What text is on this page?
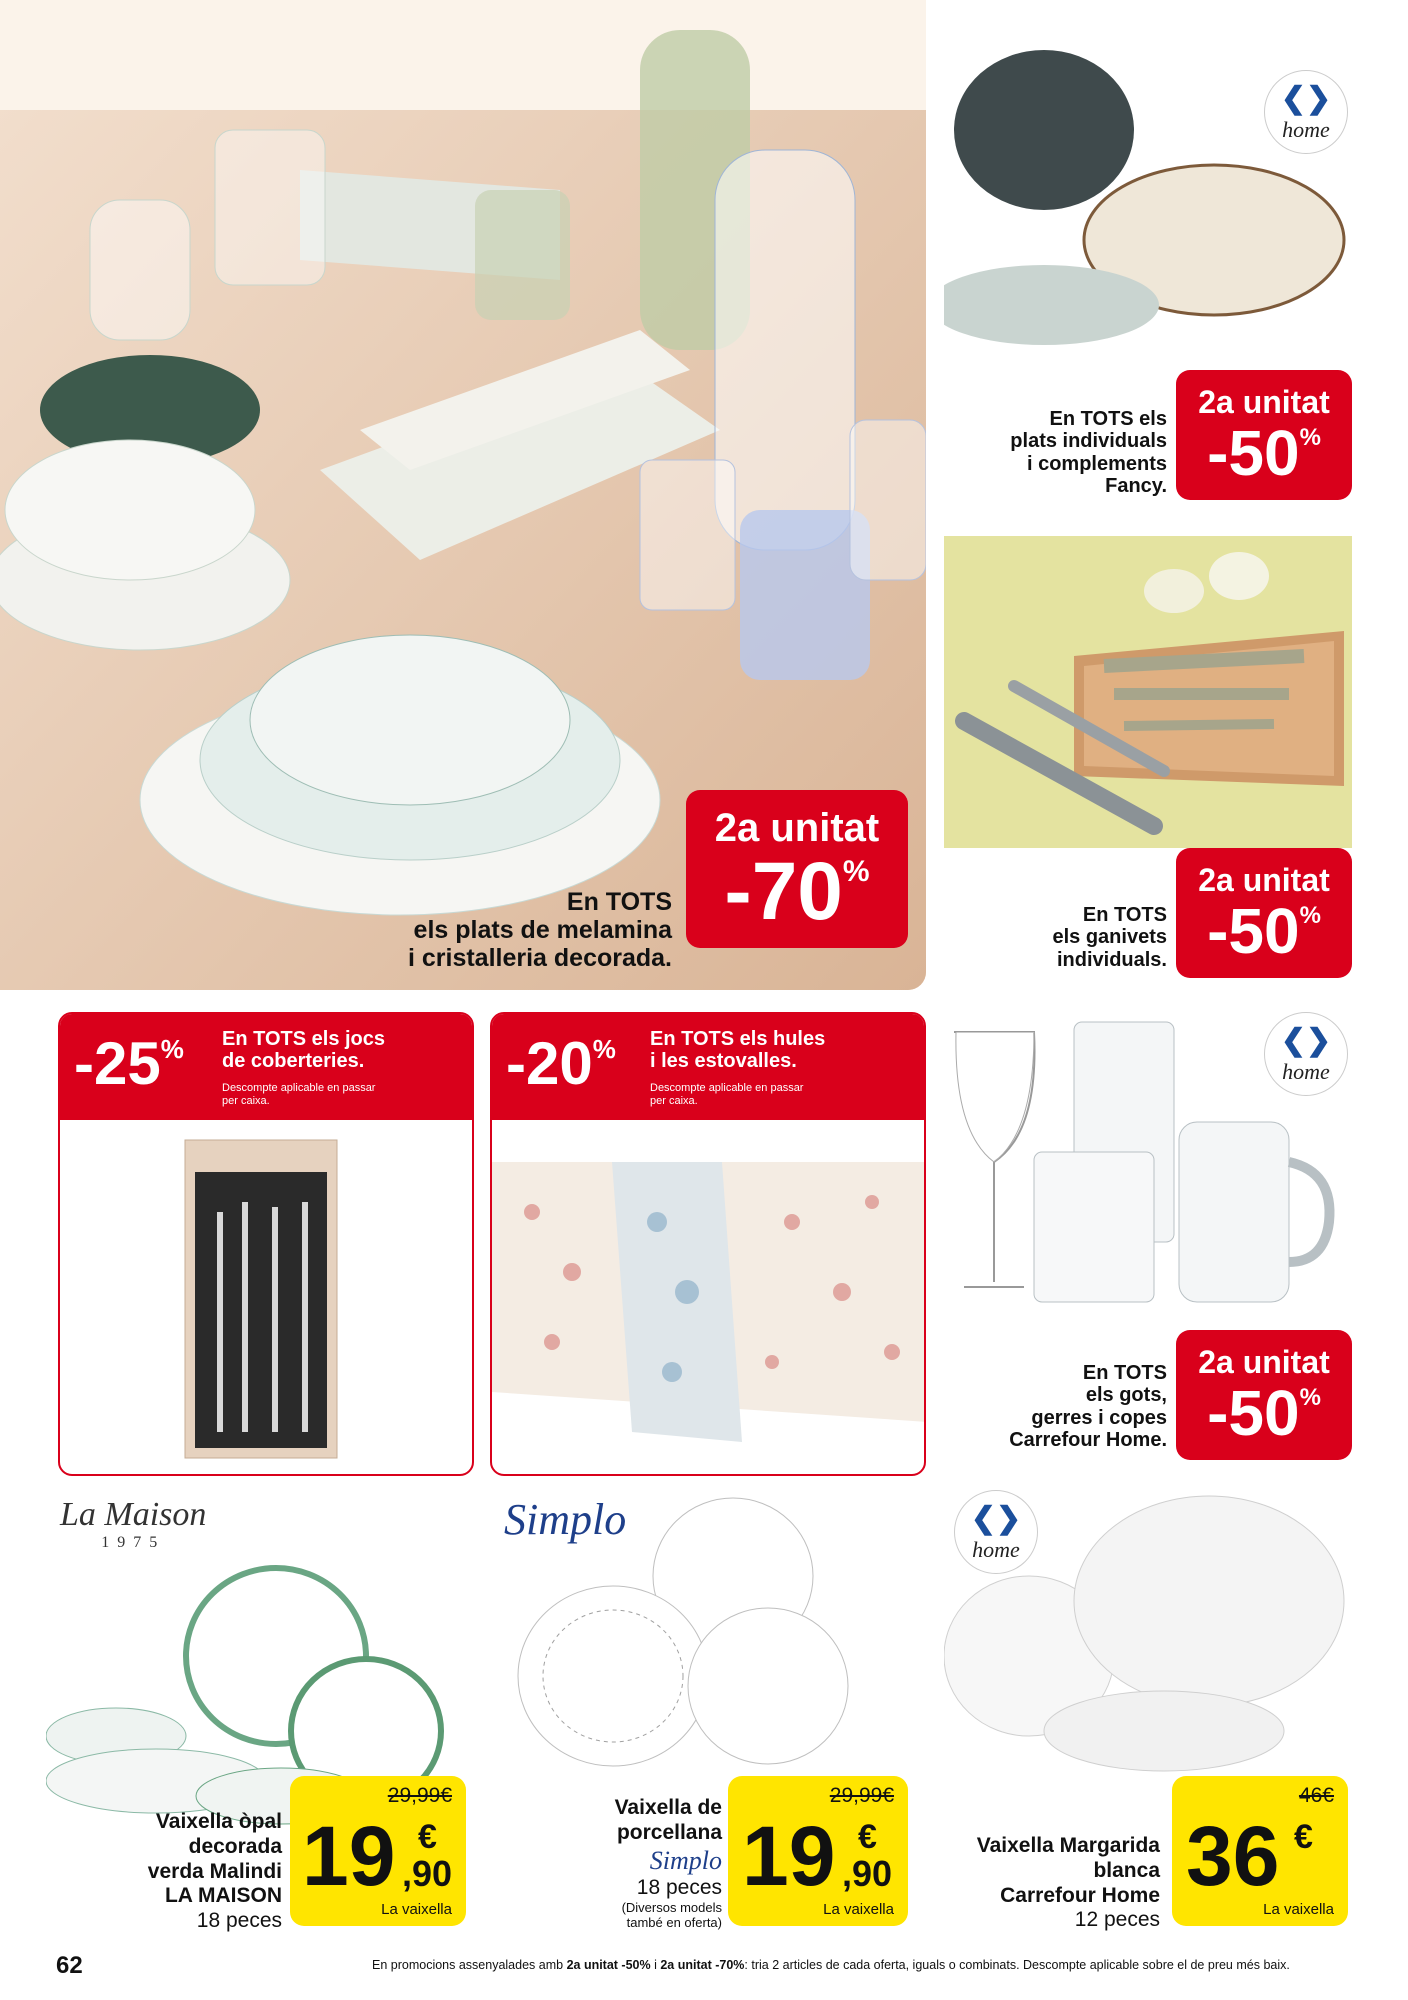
En TOTS
els plats de melamina
i cristalleria decorada.
2a unitat
-70%
❮❯
home
En TOTS els
plats individuals
i complements
Fancy.
2a unitat
-50%
En TOTS
els ganivets
individuals.
2a unitat
-50%
-25% En TOTS els jocs
de coberteries.
Descompte aplicable en passar
per caixa.
-20% En TOTS els hules
i les estovalles.
Descompte aplicable en passar
per caixa.
❮❯
home
En TOTS
els gots,
gerres i copes
Carrefour Home.
2a unitat
-50%
La Maison
1975
Vaixella òpal
decorada
verda Malindi
LA MAISON
18 peces
29,99€
19 €
,90
La vaixella
Simplo
Vaixella de
porcellana
Simplo
18 peces
(Diversos models
també en oferta)
29,99€
19 €
,90
La vaixella
❮❯
home
Vaixella Margarida
blanca
Carrefour Home
12 peces
46€
36 €
La vaixella
62	En promocions assenyalades amb 2a unitat -50% i 2a unitat -70%: tria 2 articles de cada oferta, iguals o combinats. Descompte aplicable sobre el de preu més baix.
